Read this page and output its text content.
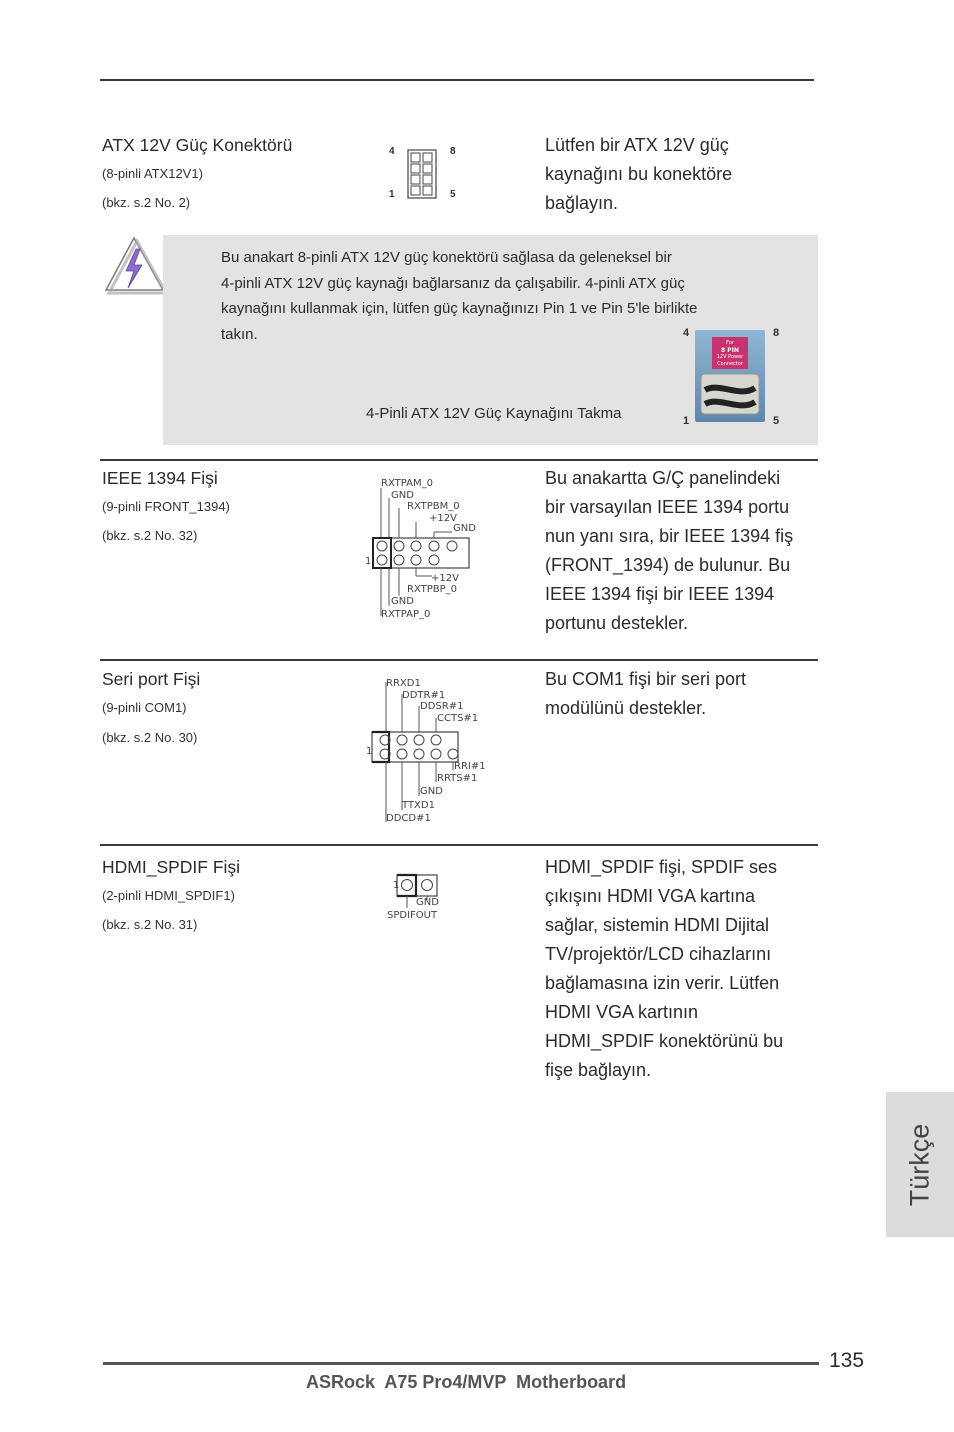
ATX 12V Güç Konektörü
(8-pinli ATX12V1)
(bkz. s.2 No. 2)
4	8
1	5
Lütfen bir ATX 12V güç
kaynağını bu konektöre
bağlayın.
Bu anakart 8-pinli ATX 12V güç konektörü sağlasa da geleneksel bir
4-pinli ATX 12V güç kaynağı bağlarsanız da çalışabilir. 4-pinli ATX güç
kaynağını kullanmak için, lütfen güç kaynağınızı Pin 1 ve Pin 5'le birlikte
takın.
4-Pinli ATX 12V Güç Kaynağını Takma
4	8
1	5
For
8 PIN
12V Power
Connector
IEEE 1394 Fişi
(9-pinli FRONT_1394)
(bkz. s.2 No. 32)
RXTPAM_0
GND
RXTPBM_0
+12V
GND
1
+12V
RXTPBP_0
GND
RXTPAP_0
Bu anakartta G/Ç panelindeki
bir varsayılan IEEE 1394 portu
nun yanı sıra, bir IEEE 1394 fiş
(FRONT_1394) de bulunur. Bu
IEEE 1394 fişi bir IEEE 1394
portunu destekler.
Seri port Fişi
(9-pinli COM1)
(bkz. s.2 No. 30)
RRXD1
DDTR#1
DDSR#1
CCTS#1
1
RRI#1
RRTS#1
GND
TTXD1
DDCD#1
Bu COM1 fişi bir seri port
modülünü destekler.
HDMI_SPDIF Fişi
(2-pinli HDMI_SPDIF1)
(bkz. s.2 No. 31)
1
GND
SPDIFOUT
HDMI_SPDIF fişi, SPDIF ses
çıkışını HDMI VGA kartına
sağlar, sistemin HDMI Dijital
TV/projektör/LCD cihazlarını
bağlamasına izin verir. Lütfen
HDMI VGA kartının
HDMI_SPDIF konektörünü bu
fişe bağlayın.
Türkçe
135
ASRock  A75 Pro4/MVP  Motherboard
